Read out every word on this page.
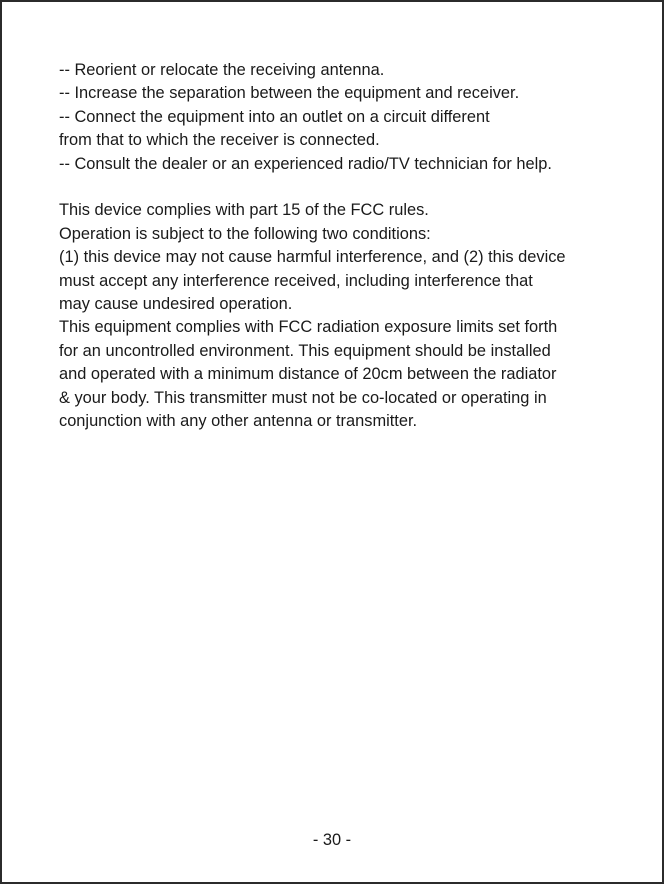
-- Reorient or relocate the receiving antenna.
-- Increase the separation between the equipment and receiver.
-- Connect the equipment into an outlet on a circuit different
from that to which the receiver is connected.
-- Consult the dealer or an experienced radio/TV technician for help.
This device complies with part 15 of the FCC rules.
Operation is subject to the following two conditions:
(1) this device may not cause harmful interference, and (2) this device
must accept any interference received, including interference that
may cause undesired operation.
This equipment complies with FCC radiation exposure limits set forth
for an uncontrolled environment. This equipment should be installed
and operated with a minimum distance of 20cm between the radiator
& your body. This transmitter must not be co-located or operating in
conjunction with any other antenna or transmitter.
- 30 -
